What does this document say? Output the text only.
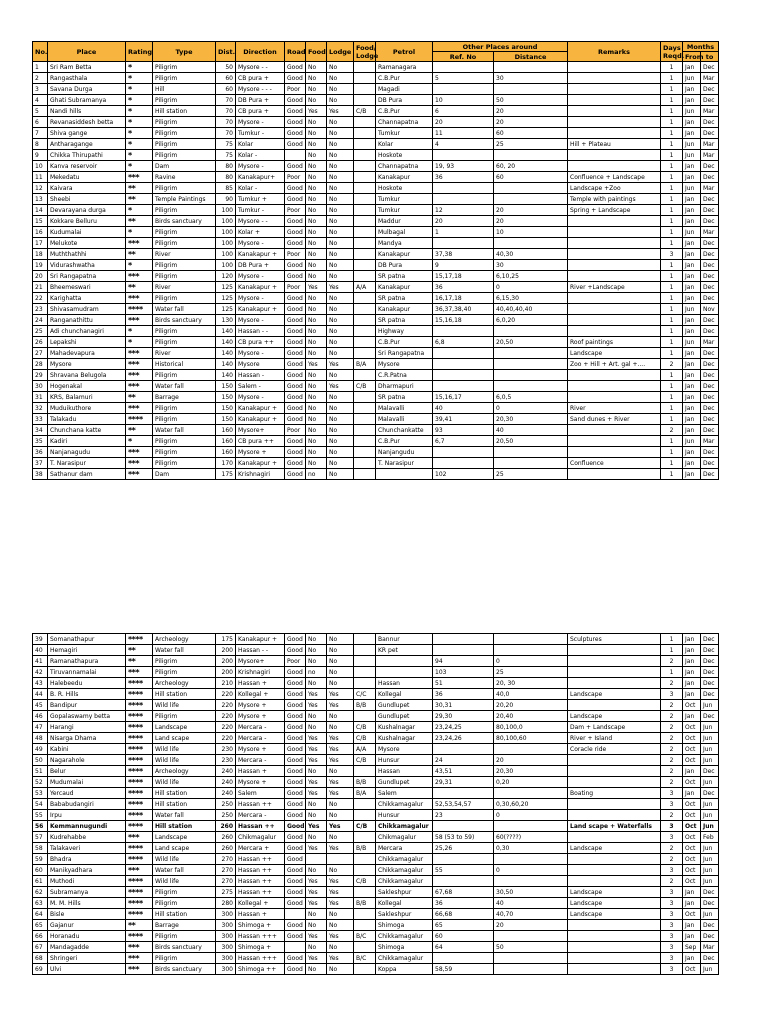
No.	Place	Rating	Type	Dist.	Direction	Road	Food	Lodge	Food/ Lodge	Petrol	Other Places around		Remarks	Days Reqd.	Months	
											Ref. No	Distance			From	to
1	Sri Ram Betta	*	Piligrim	50	Mysore - -	Good	No	No		Ramanagara				1	Jan	Dec
2	Rangasthala	*	Piligrim	60	CB pura +	Good	No	No		C.B.Pur	5	30		1	Jun	Mar
3	Savana Durga	*	Hill	60	Mysore - - -	Poor	No	No		Magadi				1	Jan	Dec
4	Ghati Subramanya	*	Piligrim	70	DB Pura +	Good	No	No		DB Pura	10	50		1	Jan	Dec
5	Nandi hills	*	Hill station	70	CB pura +	Good	Yes	Yes	C/B	C.B.Pur	6	20		1	Jun	Mar
6	Revanasiddesh betta	*	Piligrim	70	Mysore -	Good	No	No		Channapatna	20	20		1	Jan	Dec
7	Shiva gange	*	Piligrim	70	Tumkur -	Good	No	No		Tumkur	11	60		1	Jan	Dec
8	Antharagange	*	Piligrim	75	Kolar	Good	No	No		Kolar	4	25	Hill + Plateau	1	Jun	Mar
9	Chikka Thirupathi	*	Piligrim	75	Kolar -		No	No		Hoskote				1	Jun	Mar
10	Kanva reservoir	*	Dam	80	Mysore -	Good	No	No		Channapatna	19, 93	60, 20		1	Jan	Dec
11	Mekedatu	***	Ravine	80	Kanakapur+	Poor	No	No		Kanakapur	36	60	Confluence + Landscape	1	Jan	Dec
12	Kaivara	**	Piligrim	85	Kolar -	Good	No	No		Hoskote			Landscape +Zoo	1	Jun	Mar
13	Sheebi	**	Temple Paintings	90	Tumkur +	Good	No	No		Tumkur			Temple with paintings	1	Jan	Dec
14	Devarayana durga	*	Piligrim	100	Tumkur -	Poor	No	No		Tumkur	12	20	Spring + Landscape	1	Jan	Dec
15	Kokkare Belluru	**	Birds sanctuary	100	Mysore - -	Good	No	No		Maddur	20	20		1	Jan	Dec
16	Kudumalai	*	Piligrim	100	Kolar +	Good	No	No		Mulbagal	1	10		1	Jun	Mar
17	Melukote	***	Piligrim	100	Mysore -	Good	No	No		Mandya				1	Jan	Dec
18	Muththathhi	**	River	100	Kanakapur +	Poor	No	No		Kanakapur	37,38	40,30		3	Jan	Dec
19	Vidurashwatha	*	Piligrim	100	DB Pura +	Good	No	No		DB Pura	9	30		1	Jan	Dec
20	Sri Rangapatna	***	Piligrim	120	Mysore -	Good	No	No		SR patna	15,17,18	6,10,25		1	Jan	Dec
21	Bheemeswari	**	River	125	Kanakapur +	Poor	Yes	Yes	A/A	Kanakapur	36	0	River +Landscape	1	Jan	Dec
22	Karighatta	***	Piligrim	125	Mysore -	Good	No	No		SR patna	16,17,18	6,15,30		1	Jan	Dec
23	Shivasamudram	****	Water fall	125	Kanakapur +	Good	No	No		Kanakapur	36,37,38,40	40,40,40,40		1	Jun	Nov
24	Ranganathittu	***	Birds sanctuary	130	Mysore -	Good	No	No		SR patna	15,16,18	6,0,20		1	Jan	Dec
25	Adi chunchanagiri	*	Piligrim	140	Hassan - -	Good	No	No		Highway				1	Jan	Dec
26	Lepakshi	*	Piligrim	140	CB pura ++	Good	No	No		C.B.Pur	6,8	20,50	Roof paintings	1	Jun	Mar
27	Mahadevapura	***	River	140	Mysore -	Good	No	No		Sri Rangapatna			Landscape	1	Jan	Dec
28	Mysore	***	Historical	140	Mysore	Good	Yes	Yes	B/A	Mysore			Zoo + Hill + Art. gal +....	2	Jan	Dec
29	Shravana Belugola	***	Piligrim	140	Hassan -	Good	No	No		C.R.Patna				1	Jan	Dec
30	Hogenakal	***	Water fall	150	Salem -	Good	No	Yes	C/B	Dharmapuri				1	Jan	Dec
31	KRS, Balamuri	**	Barrage	150	Mysore -	Good	No	No		SR patna	15,16,17	6,0,5		1	Jan	Dec
32	Muduikuthore	***	Piligrim	150	Kanakapur +	Good	No	No		Malavalli	40	0	River	1	Jan	Dec
33	Talakadu	****	Piligrim	150	Kanakapur +	Good	No	No		Malavalli	39,41	20,30	Sand dunes + River	1	Jan	Dec
34	Chunchana katte	**	Water fall	160	Mysore+	Poor	No	No		Chunchankatte	93	40		2	Jan	Dec
35	Kadiri	*	Piligrim	160	CB pura ++	Good	No	No		C.B.Pur	6,7	20,50		1	Jun	Mar
36	Nanjanagudu	***	Piligrim	160	Mysore +	Good	No	No		Nanjangudu				1	Jan	Dec
37	T. Narasipur	***	Piligrim	170	Kanakapur +	Good	No	No		T. Narasipur			Confluence	1	Jan	Dec
38	Sathanur dam	***	Dam	175	Krishnagiri	Good	no	No			102	25		1	Jan	Dec
39	Somanathapur	****	Archeology	175	Kanakapur +	Good	No	No		Bannur			Sculptures	1	Jan	Dec
40	Hemagiri	**	Water fall	200	Hassan - -	Good	No	No		KR pet				1	Jan	Dec
41	Ramanathapura	**	Piligrim	200	Mysore+	Poor	No	No			94	0		2	Jan	Dec
42	Tiruvannamalai	***	Piligrim	200	Krishnagiri	Good	no	No			103	25		1	Jan	Dec
43	Halebeedu	****	Archeology	210	Hassan +	Good	No	No		Hassan	51	20, 30		2	Jan	Dec
44	B. R. Hills	****	Hill station	220	Kollegal +	Good	Yes	Yes	C/C	Kollegal	36	40,0	Landscape	3	Jan	Dec
45	Bandipur	****	Wild life	220	Mysore +	Good	Yes	Yes	B/B	Gundlupet	30,31	20,20		2	Oct	Jun
46	Gopalaswamy betta	****	Piligrim	220	Mysore +	Good	No	No		Gundlupet	29,30	20,40	Landscape	2	Jan	Dec
47	Harangi	****	Landscape	220	Mercara -	Good	No	No	C/B	Kushalnagar	23,24,25	80,100,0	Dam + Landscape	2	Oct	Jun
48	Nisarga Dhama	****	Land scape	220	Mercara -	Good	Yes	Yes	C/B	Kushalnagar	23,24,26	80,100,60	River + Island	2	Oct	Jun
49	Kabini	****	Wild life	230	Mysore +	Good	Yes	Yes	A/A	Mysore			Coracle ride	2	Oct	Jun
50	Nagarahole	****	Wild life	230	Mercara -	Good	Yes	Yes	C/B	Hunsur	24	20		2	Oct	Jun
51	Belur	****	Archeology	240	Hassan +	Good	No	No		Hassan	43,51	20,30		2	Jan	Dec
52	Mudumalai	****	Wild life	240	Mysore +	Good	Yes	Yes	B/B	Gundlupet	29,31	0,20		2	Oct	Jun
53	Yercaud	****	Hill station	240	Salem	Good	Yes	Yes	B/A	Salem			Boating	3	Jan	Dec
54	Bababudangiri	****	Hill station	250	Hassan ++	Good	No	No		Chikkamagalur	52,53,54,57	0,30,60,20		3	Oct	Jun
55	Irpu	****	Water fall	250	Mercara -	Good	No	No		Hunsur	23	0		2	Oct	Jun
56	Kemmannugundi	****	Hill station	260	Hassan ++	Good	Yes	Yes	C/B	Chikkamagalur			Land scape + Waterfalls	3	Oct	Jun
57	Kudrehabbe	***	Landscape	260	Chikmagalur	Good	No	No		Chikmagalur	58 (53 to 59)	60(????)		3	Oct	Feb
58	Talakaveri	****	Land scape	260	Mercara +	Good	Yes	Yes	B/B	Mercara	25,26	0,30	Landscape	2	Oct	Jun
59	Bhadra	****	Wild life	270	Hassan ++	Good				Chikkamagalur				2	Oct	Jun
60	Manikyadhara	***	Water fall	270	Hassan ++	Good	No	No		Chikkamagalur	55	0		3	Oct	Jun
61	Muthodi	****	Wild life	270	Hassan ++	Good	Yes	Yes	C/B	Chikkamagalur				2	Oct	Jun
62	Subramanya	****	Piligrim	275	Hassan ++	Good	Yes	Yes		Sakleshpur	67,68	30,50	Landscape	3	Jan	Dec
63	M. M. Hills	****	Piligrim	280	Kollegal +	Good	Yes	Yes	B/B	Kollegal	36	40	Landscape	3	Jan	Dec
64	Bisle	****	Hill station	300	Hassan +		No	No		Sakleshpur	66,68	40,70	Landscape	3	Oct	Jun
65	Gajanur	**	Barrage	300	Shimoga +	Good	No	No		Shimoga	65	20		3	Jan	Dec
66	Horanadu	****	Piligrim	300	Hassan +++	Good	Yes	Yes	B/C	Chikkamagalur	60			3	Jan	Dec
67	Mandagadde	***	Birds sanctuary	300	Shimoga +		No	No		Shimoga	64	50		3	Sep	Mar
68	Shringeri	***	Piligrim	300	Hassan +++	Good	Yes	Yes	B/C	Chikkamagalur				3	Jan	Dec
69	Ulvi	***	Birds sanctuary	300	Shimoga ++	Good	No	No		Koppa	58,59			3	Oct	Jun
